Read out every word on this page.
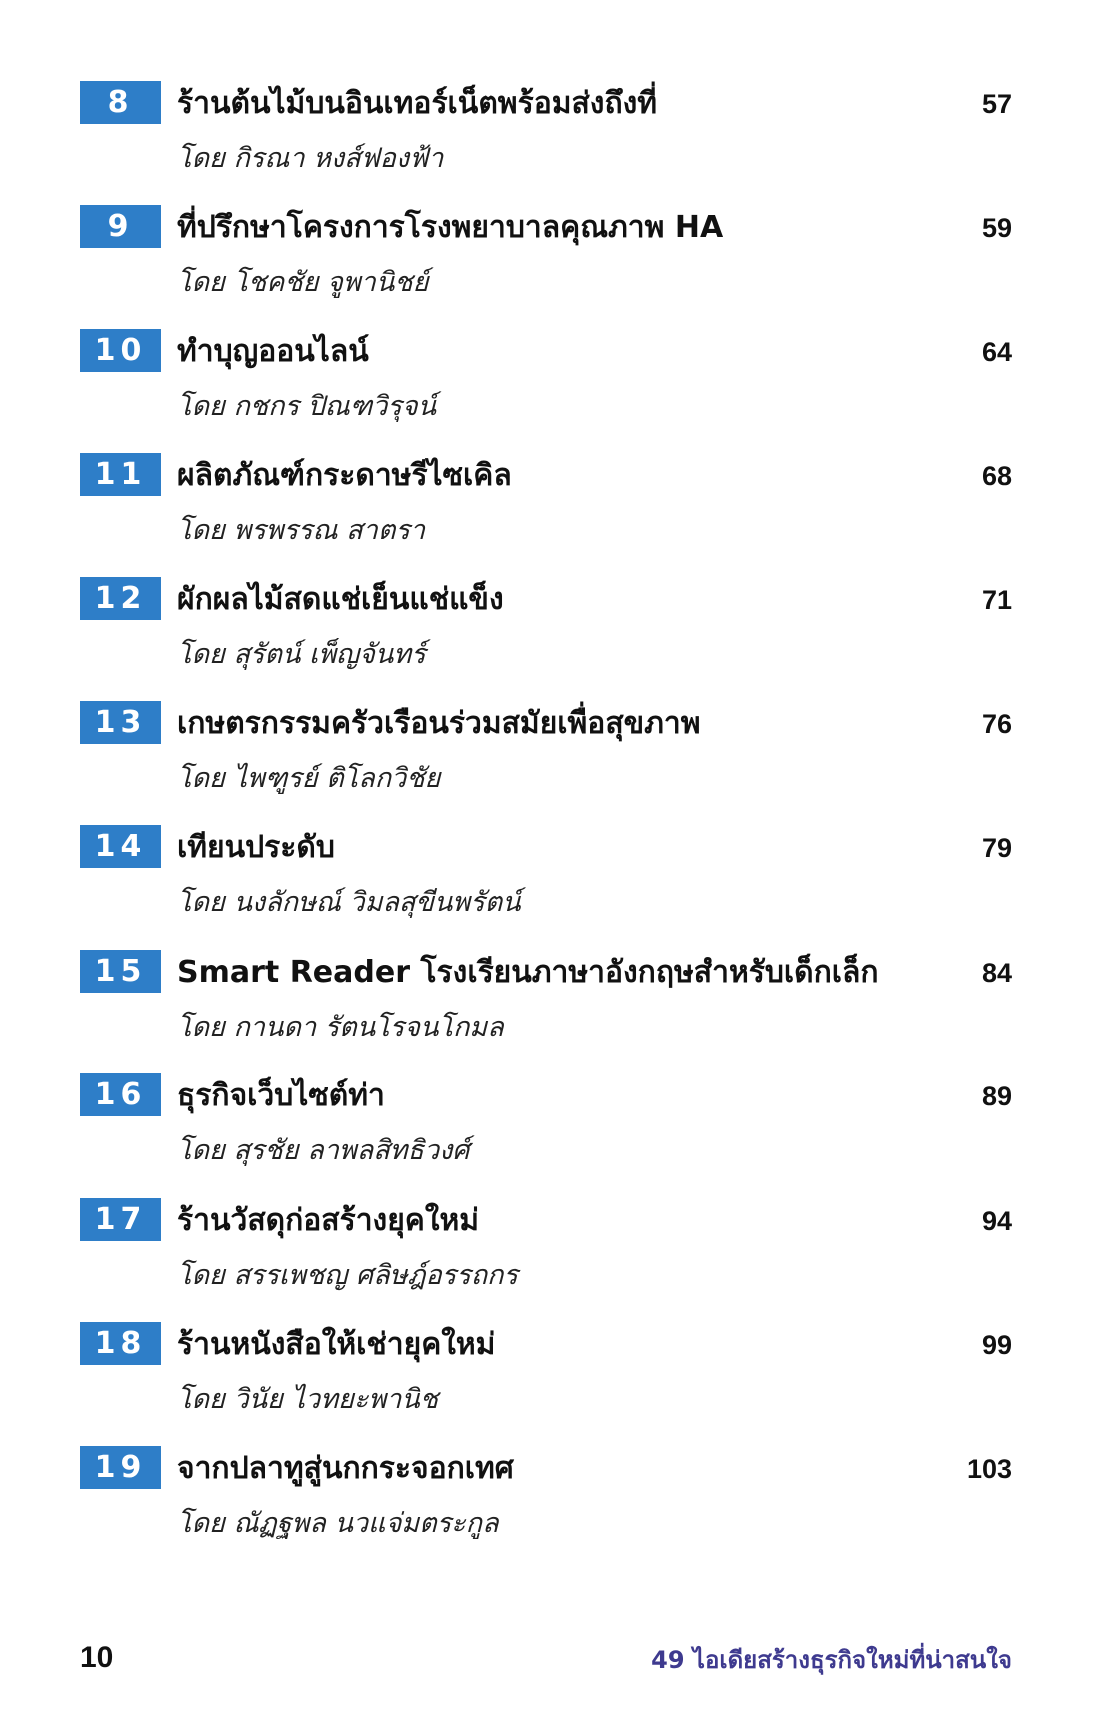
8	ร้านต้นไม้บนอินเทอร์เน็ตพร้อมส่งถึงที่	57
โดย กิรณา หงส์ฟองฟ้า
9	ที่ปรึกษาโครงการโรงพยาบาลคุณภาพ HA	59
โดย โชคชัย จูพานิชย์
10	ทำบุญออนไลน์	64
โดย กชกร ปิณฑวิรุจน์
11	ผลิตภัณฑ์กระดาษรีไซเคิล	68
โดย พรพรรณ สาตรา
12	ผักผลไม้สดแช่เย็นแช่แข็ง	71
โดย สุรัตน์ เพ็ญจันทร์
13	เกษตรกรรมครัวเรือนร่วมสมัยเพื่อสุขภาพ	76
โดย ไพฑูรย์ ติโลกวิชัย
14	เทียนประดับ	79
โดย นงลักษณ์ วิมลสุขีนพรัตน์
15	Smart Reader โรงเรียนภาษาอังกฤษสำหรับเด็กเล็ก	84
โดย กานดา รัตนโรจนโกมล
16	ธุรกิจเว็บไซต์ท่า	89
โดย สุรชัย ลาพลสิทธิวงศ์
17	ร้านวัสดุก่อสร้างยุคใหม่	94
โดย สรรเพชญ ศลิษฎ์อรรถกร
18	ร้านหนังสือให้เช่ายุคใหม่	99
โดย วินัย ไวทยะพานิช
19	จากปลาทูสู่นกกระจอกเทศ	103
โดย ณัฏฐพล นวแจ่มตระกูล
10	49 ไอเดียสร้างธุรกิจใหม่ที่น่าสนใจ
